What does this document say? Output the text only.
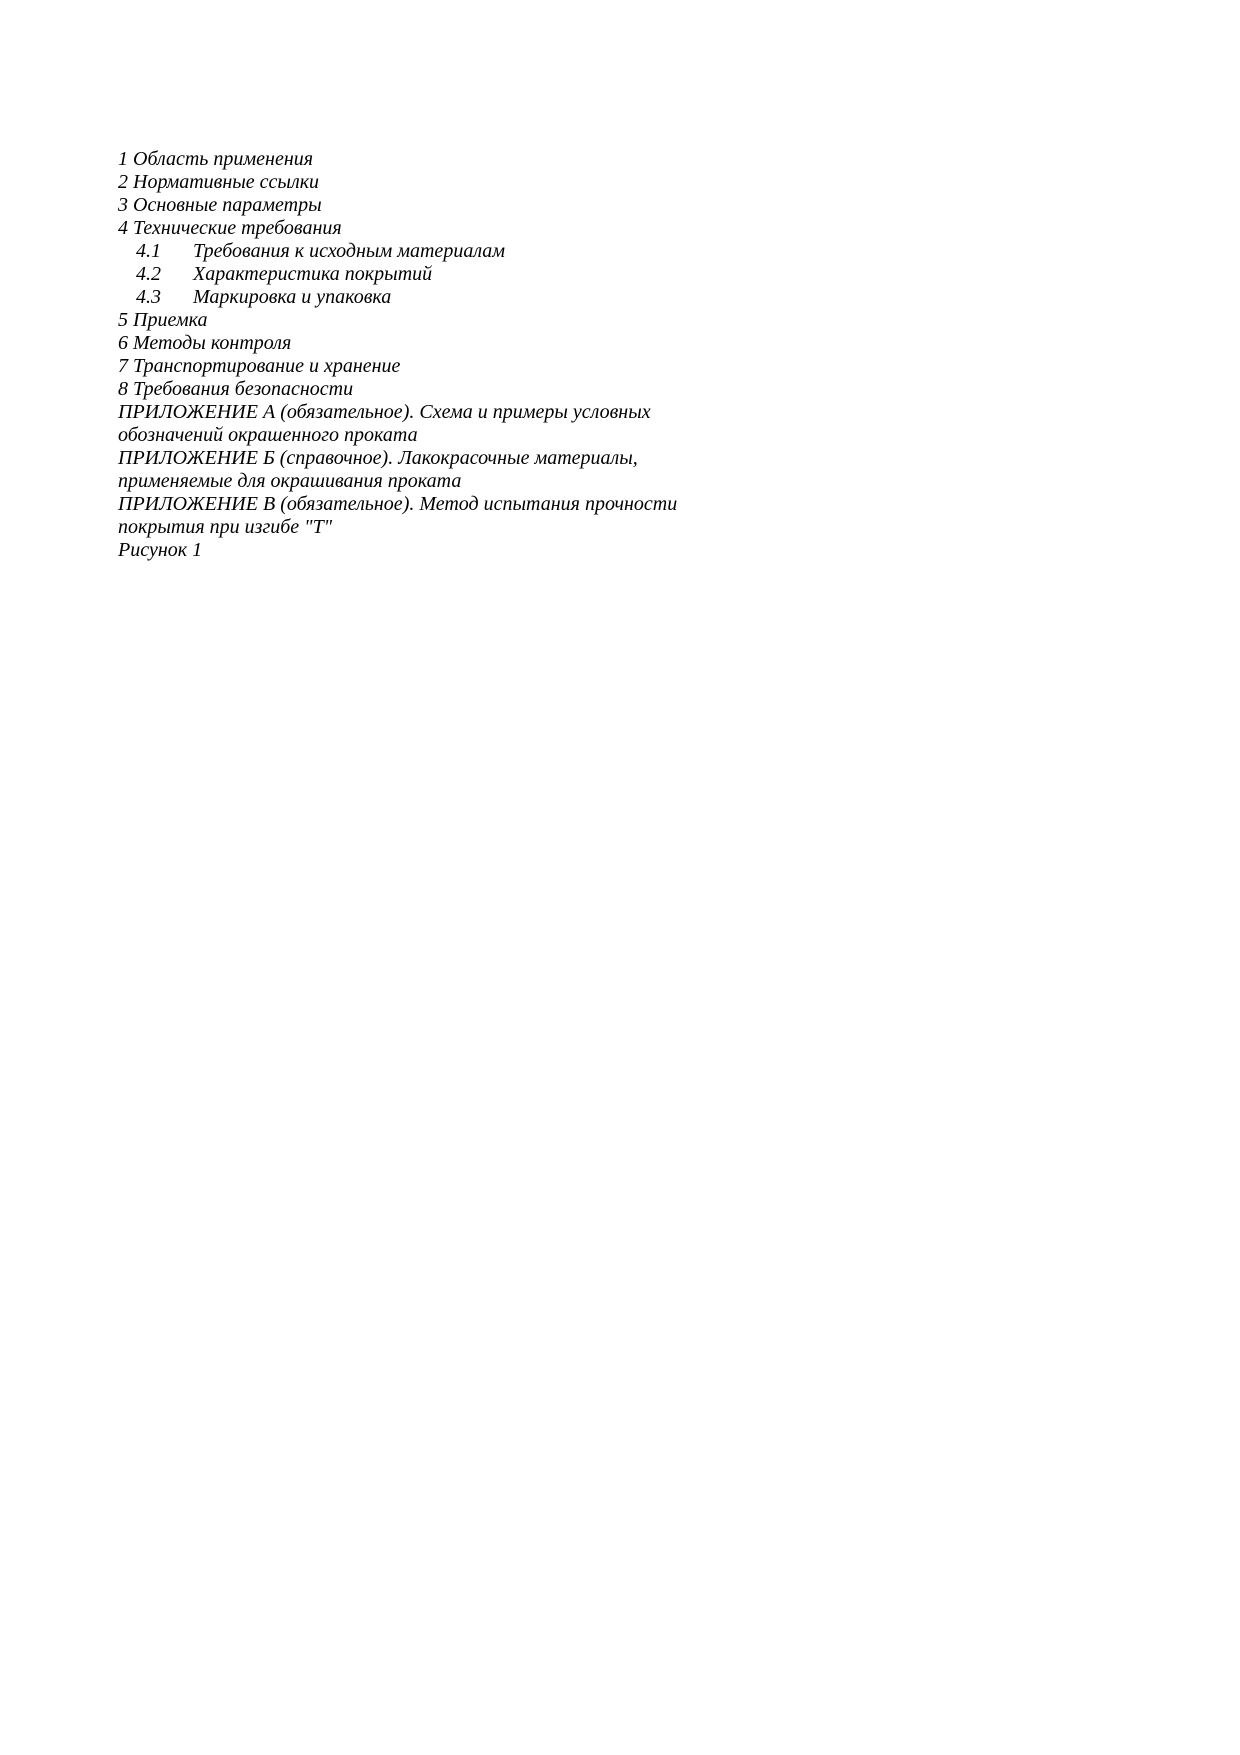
1 Область применения
2 Нормативные ссылки
3 Основные параметры
4 Технические требования
4.1 Требования к исходным материалам
4.2 Характеристика покрытий
4.3 Маркировка и упаковка
5 Приемка
6 Методы контроля
7 Транспортирование и хранение
8 Требования безопасности
ПРИЛОЖЕНИЕ А (обязательное). Схема и примеры условных
обозначений окрашенного проката
ПРИЛОЖЕНИЕ Б (справочное). Лакокрасочные материалы,
применяемые для окрашивания проката
ПРИЛОЖЕНИЕ В (обязательное). Метод испытания прочности
покрытия при изгибе "Т"
Рисунок 1
